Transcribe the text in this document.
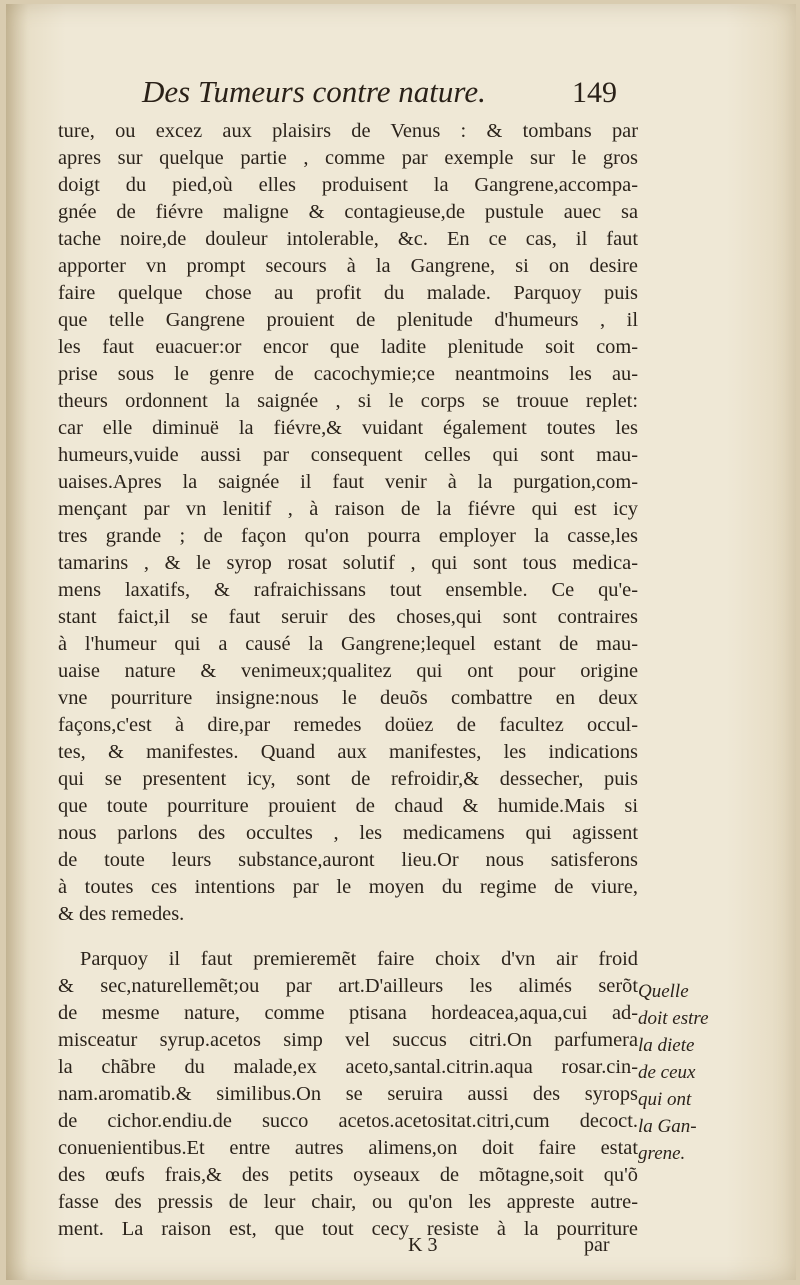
Des Tumeurs contre nature.	149
ture, ou excez aux plaisirs de Venus : & tombans par
apres sur quelque partie , comme par exemple sur le gros
doigt du pied,où elles produisent la Gangrene,accompa-
gnée de fiévre maligne & contagieuse,de pustule auec sa
tache noire,de douleur intolerable, &c. En ce cas, il faut
apporter vn prompt secours à la Gangrene, si on desire
faire quelque chose au profit du malade. Parquoy puis
que telle Gangrene prouient de plenitude d'humeurs , il
les faut euacuer:or encor que ladite plenitude soit com-
prise sous le genre de cacochymie;ce neantmoins les au-
theurs ordonnent la saignée , si le corps se trouue replet:
car elle diminuë la fiévre,& vuidant également toutes les
humeurs,vuide aussi par consequent celles qui sont mau-
uaises.Apres la saignée il faut venir à la purgation,com-
mençant par vn lenitif , à raison de la fiévre qui est icy
tres grande ; de façon qu'on pourra employer la casse,les
tamarins , & le syrop rosat solutif , qui sont tous medica-
mens laxatifs, & rafraichissans tout ensemble. Ce qu'e-
stant faict,il se faut seruir des choses,qui sont contraires
à l'humeur qui a causé la Gangrene;lequel estant de mau-
uaise nature & venimeux;qualitez qui ont pour origine
vne pourriture insigne:nous le deuõs combattre en deux
façons,c'est à dire,par remedes doüez de facultez occul-
tes, & manifestes. Quand aux manifestes, les indications
qui se presentent icy, sont de refroidir,& dessecher, puis
que toute pourriture prouient de chaud & humide.Mais si
nous parlons des occultes , les medicamens qui agissent
de toute leurs substance,auront lieu.Or nous satisferons
à toutes ces intentions par le moyen du regime de viure,
& des remedes.
Parquoy il faut premieremẽt faire choix d'vn air froid
& sec,naturellemẽt;ou par art.D'ailleurs les alimés serõt
de mesme nature, comme ptisana hordeacea,aqua,cui ad-
misceatur syrup.acetos simp vel succus citri.On parfumera
la chãbre du malade,ex aceto,santal.citrin.aqua rosar.cin-
nam.aromatib.& similibus.On se seruira aussi des syrops
de cichor.endiu.de succo acetos.acetositat.citri,cum decoct.
conuenientibus.Et entre autres alimens,on doit faire estat
des œufs frais,& des petits oyseaux de mõtagne,soit qu'õ
fasse des pressis de leur chair, ou qu'on les appreste autre-
ment. La raison est, que tout cecy resiste à la pourriture
Quelle
doit estre
la diete
de ceux
qui ont
la Gan-
grene.
K 3	par
